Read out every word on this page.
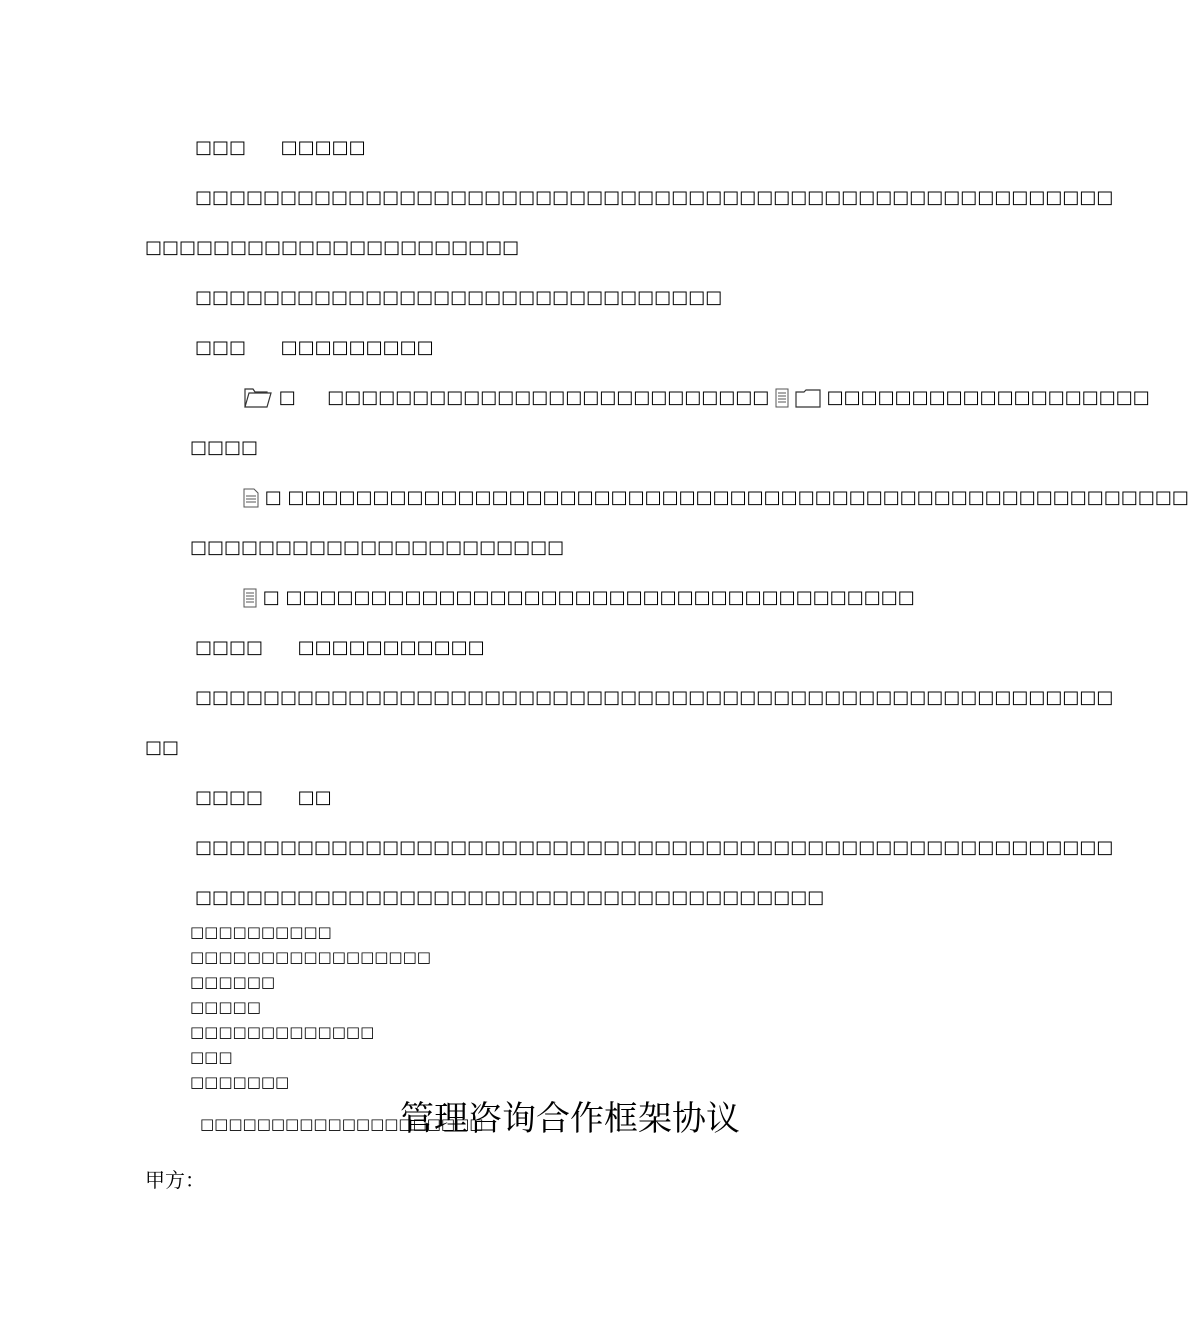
□□□ □□□□□
□□□□□□□□□□□□□□□□□□□□□□□□□□□□□□□□□□□□□□□□□□□□□□□□□□□□□□
□□□□□□□□□□□□□□□□□□□□□□
□□□□□□□□□□□□□□□□□□□□□□□□□□□□□□□
□□□ □□□□□□□□□
□ □□□□□□□□□□□□□□□□□□□□□□□□□□	□□□□□□□□□□□□□□□□□□□
□□□□
□ □□□□□□□□□□□□□□□□□□□□□□□□□□□□□□□□□□□□□□□□□□□□□□□□□□□□□
□□□□□□□□□□□□□□□□□□□□□□
□ □□□□□□□□□□□□□□□□□□□□□□□□□□□□□□□□□□□□□
□□□□ □□□□□□□□□□□
□□□□□□□□□□□□□□□□□□□□□□□□□□□□□□□□□□□□□□□□□□□□□□□□□□□□□□
□□
□□□□ □□
□□□□□□□□□□□□□□□□□□□□□□□□□□□□□□□□□□□□□□□□□□□□□□□□□□□□□□
□□□□□□□□□□□□□□□□□□□□□□□□□□□□□□□□□□□□□
□□□□□□□□□□
□□□□□□□□□□□□□□□□□
□□□□□□
□□□□□
□□□□□□□□□□□□□
□□□
□□□□□□□
□□□□□□□□□□□□□□□□□□□□
管理咨询合作框架协议
甲方：
